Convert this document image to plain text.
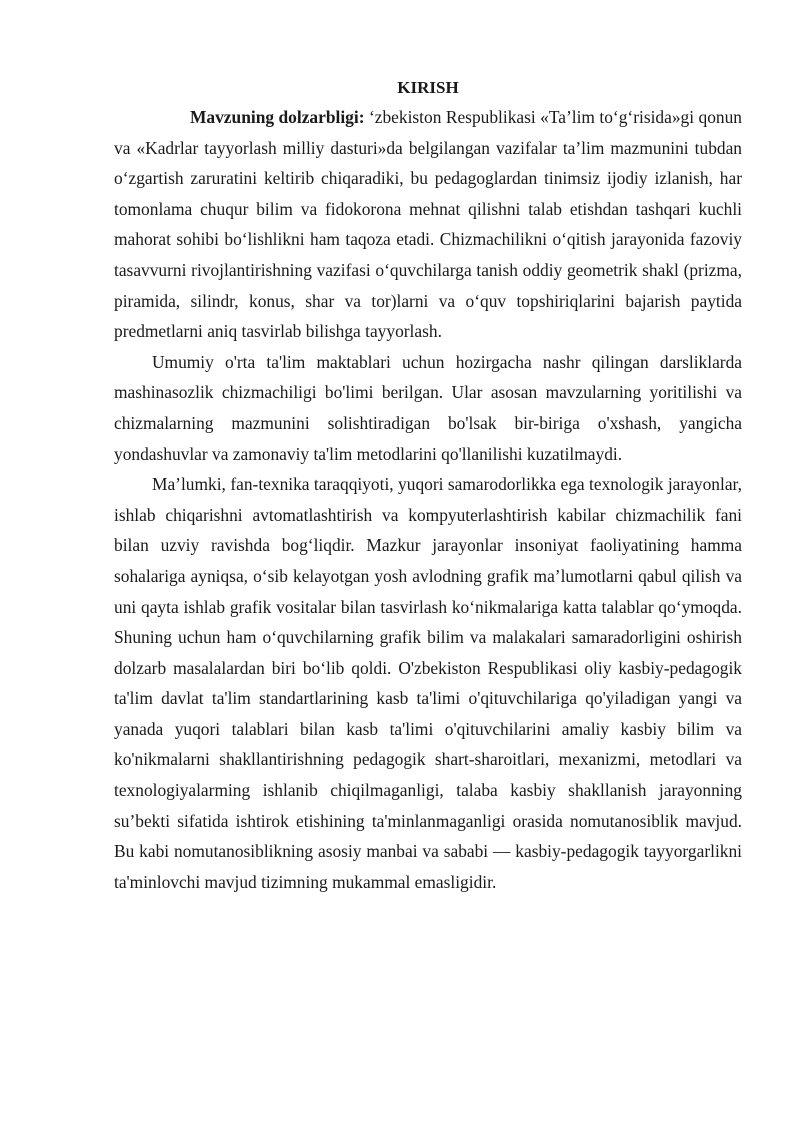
KIRISH

Mavzuning dolzarbligi: ‘zbekiston Respublikasi «Ta’lim to‘g‘risida»gi qonun va «Kadrlar tayyorlash milliy dasturi»da belgilangan vazifalar ta’lim mazmunini tubdan o‘zgartish zaruratini keltirib chiqaradiki, bu pedagoglardan tinimsiz ijodiy izlanish, har tomonlama chuqur bilim va fidokorona mehnat qilishni talab etishdan tashqari kuchli mahorat sohibi bo‘lishlikni ham taqoza etadi. Chizmachilikni o‘qitish jarayonida fazoviy tasavvurni rivojlantirishning vazifasi o‘quvchilarga tanish oddiy geometrik shakl (prizma, piramida, silindr, konus, shar va tor)larni va o‘quv topshiriqlarini bajarish paytida predmetlarni aniq tasvirlab bilishga tayyorlash.

Umumiy o'rta ta'lim maktablari uchun hozirgacha nashr qilingan darsliklarda mashinasozlik chizmachiligi bo'limi berilgan. Ular asosan mavzularning yoritilishi va chizmalarning mazmunini solishtiradigan bo'lsak bir-biriga o'xshash, yangicha yondashuvlar va zamonaviy ta'lim metodlarini qo'llanilishi kuzatilmaydi.

Ma’lumki, fan-texnika taraqqiyoti, yuqori samarodorlikka ega texnologik jarayonlar, ishlab chiqarishni avtomatlashtirish va kompyuterlashtirish kabilar chizmachilik fani bilan uzviy ravishda bog‘liqdir. Mazkur jarayonlar insoniyat faoliyatining hamma sohalariga ayniqsa, o‘sib kelayotgan yosh avlodning grafik ma’lumotlarni qabul qilish va uni qayta ishlab grafik vositalar bilan tasvirlash ko‘nikmalariga katta talablar qo‘ymoqda. Shuning uchun ham o‘quvchilarning grafik bilim va malakalari samaradorligini oshirish dolzarb masalalardan biri bo‘lib qoldi. O'zbekiston Respublikasi oliy kasbiy-pedagogik ta'lim davlat ta'lim standartlarining kasb ta'limi o'qituvchilariga qo'yiladigan yangi va yanada yuqori talablari bilan kasb ta'limi o'qituvchilarini amaliy kasbiy bilim va ko'nikmalarni shakllantirishning pedagogik shart-sharoitlari, mexanizmi, metodlari va texnologiyalarming ishlanib chiqilmaganligi, talaba kasbiy shakllanish jarayonning su’bekti sifatida ishtirok etishining ta'minlanmaganligi orasida nomutanosiblik mavjud. Bu kabi nomutanosiblikning asosiy manbai va sababi — kasbiy-pedagogik tayyorgarlikni ta'minlovchi mavjud tizimning mukammal emasligidir.
